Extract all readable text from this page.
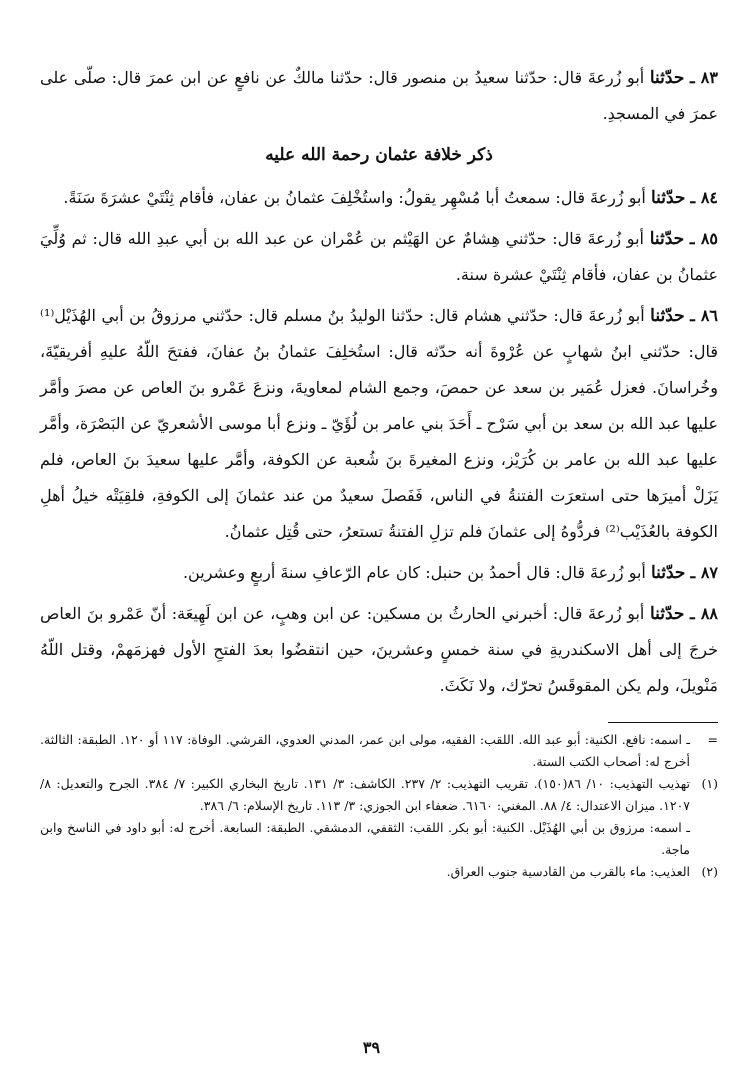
٨٣ ـ حدّثنا أبو زُرعةَ قال: حدّثنا سعيدُ بن منصور قال: حدّثنا مالكٌ عن نافعٍ عن ابن عمرَ قال: صلّى على عمرَ في المسجدِ.

ذكر خلافة عثمان رحمة الله عليه

٨٤ ـ حدّثنا أبو زُرعةَ قال: سمعتُ أبا مُسْهِر يقولُ: واستُخْلِفَ عثمانُ بن عفان، فأقام ثِنْتَيْ عشرَةَ سَنَةً.

٨٥ ـ حدّثنا أبو زُرعةَ قال: حدّثني هِشامٌ عن الهَيْثم بن عُمْران عن عبد الله بن أبي عبدِ الله قال: ثم وُلِّيَ عثمانُ بن عفان، فأقام ثِنْتَيْ عشرة سنة.

٨٦ ـ حدّثنا أبو زُرعةَ قال: حدّثني هشام قال: حدّثنا الوليدُ بنُ مسلم قال: حدّثني مرزوقُ بن أبي الهُذَيْل⁽¹⁾ قال: حدّثني ابنُ شهابٍ عن عُرْوةَ أنه حدّثه قال: استُخلِفَ عثمانُ بنُ عفانَ، ففتحَ اللّهُ عليهِ أفريقيّةَ، وخُراسانَ. فعزل عُمَير بن سعد عن حمصَ، وجمع الشام لمعاويةَ، ونزعَ عَمْرو بنَ العاص عن مصرَ وأمَّر عليها عبد الله بن سعد بن أبي سَرْح ـ أَحَدَ بني عامر بن لُؤَيّ ـ ونزع أبا موسى الأشعريّ عن البَصْرَة، وأمَّر عليها عبد الله بن عامر بن كُرَيْز، ونزع المغيرةَ بنَ شُعبة عن الكوفة، وأمَّر عليها سعيدَ بنَ العاص، فلم يَزَلْ أميرَها حتى استعرَت الفتنةُ في الناس، فَفَصلَ سعيدٌ من عند عثمانَ إلى الكوفةِ، فلقِيَتْه خيلُ أهلِ الكوفة بالعُذَيْب⁽²⁾ فردُّوهُ إلى عثمانَ فلم تزلِ الفتنةُ تستعرُ، حتى قُتِل عثمانُ.

٨٧ ـ حدّثنا أبو زُرعةَ قال: قال أحمدُ بن حنبل: كان عام الرّعافِ سنةَ أربعٍ وعشرين.

٨٨ ـ حدّثنا أبو زُرعةَ قال: أخبرني الحارثُ بن مسكين: عن ابن وهبٍ، عن ابن لَهِيعَة: أنّ عَمْرو بنَ العاص خرجَ إلى أهل الاسكندريةِ في سنة خمسٍ وعشرينَ، حين انتقضُوا بعدَ الفتحِ الأول فهزمَهمْ، وقتل اللّهُ مَنْويلَ، ولم يكن المقوقَسُ تحرّك، ولا نَكَثَ.

=
ـ اسمه: نافع. الكنية: أبو عبد الله. اللقب: الفقيه، مولى ابن عمر، المدني العدوي، القرشي. الوفاة: ١١٧ أو ١٢٠. الطبقة: الثالثة. أخرج له: أصحاب الكتب الستة.

(١)
تهذيب التهذيب: ١٠/ ٨٦(١٥٠). تقريب التهذيب: ٢/ ٢٣٧. الكاشف: ٣/ ١٣١. تاريخ البخاري الكبير: ٧/ ٣٨٤. الجرح والتعديل: ٨/ ١٢٠٧. ميزان الاعتدال: ٤/ ٨٨. المغني: ٦١٦٠. ضعفاء ابن الجوزي: ٣/ ١١٣. تاريخ الإسلام: ٦/ ٣٨٦.

ـ اسمه: مرزوق بن أبي الهُذَيْل. الكنية: أبو بكر. اللقب: الثقفي، الدمشقي. الطبقة: السابعة. أخرج له: أبو داود في الناسخ وابن ماجة.

(٢)
العذيب: ماء بالقرب من القادسية جنوب العراق.

٣٩
